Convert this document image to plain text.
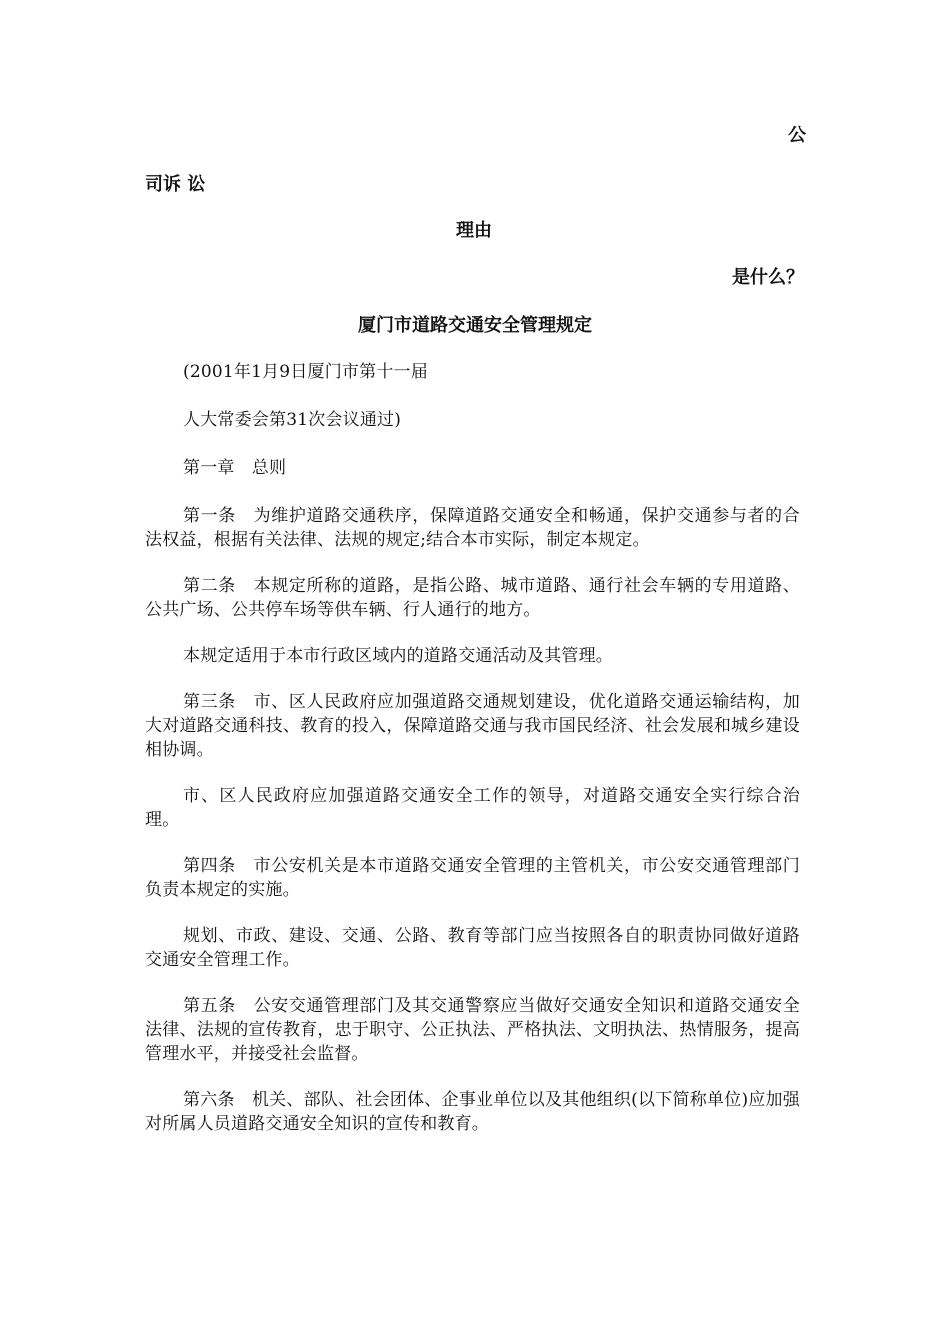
公
司诉 讼
理由
是什么？
厦门市道路交通安全管理规定

(2001年1月9日厦门市第十一届

人大常委会第31次会议通过)

第一章　总则

第一条　为维护道路交通秩序，保障道路交通安全和畅通，保护交通参与者的合法权益，根据有关法律、法规的规定;结合本市实际，制定本规定。

第二条　本规定所称的道路，是指公路、城市道路、通行社会车辆的专用道路、公共广场、公共停车场等供车辆、行人通行的地方。

本规定适用于本市行政区域内的道路交通活动及其管理。

第三条　市、区人民政府应加强道路交通规划建设，优化道路交通运输结构，加大对道路交通科技、教育的投入，保障道路交通与我市国民经济、社会发展和城乡建设相协调。

市、区人民政府应加强道路交通安全工作的领导，对道路交通安全实行综合治理。

第四条　市公安机关是本市道路交通安全管理的主管机关，市公安交通管理部门负责本规定的实施。

规划、市政、建设、交通、公路、教育等部门应当按照各自的职责协同做好道路交通安全管理工作。

第五条　公安交通管理部门及其交通警察应当做好交通安全知识和道路交通安全法律、法规的宣传教育，忠于职守、公正执法、严格执法、文明执法、热情服务，提高管理水平，并接受社会监督。

第六条　机关、部队、社会团体、企事业单位以及其他组织(以下简称单位)应加强对所属人员道路交通安全知识的宣传和教育。
